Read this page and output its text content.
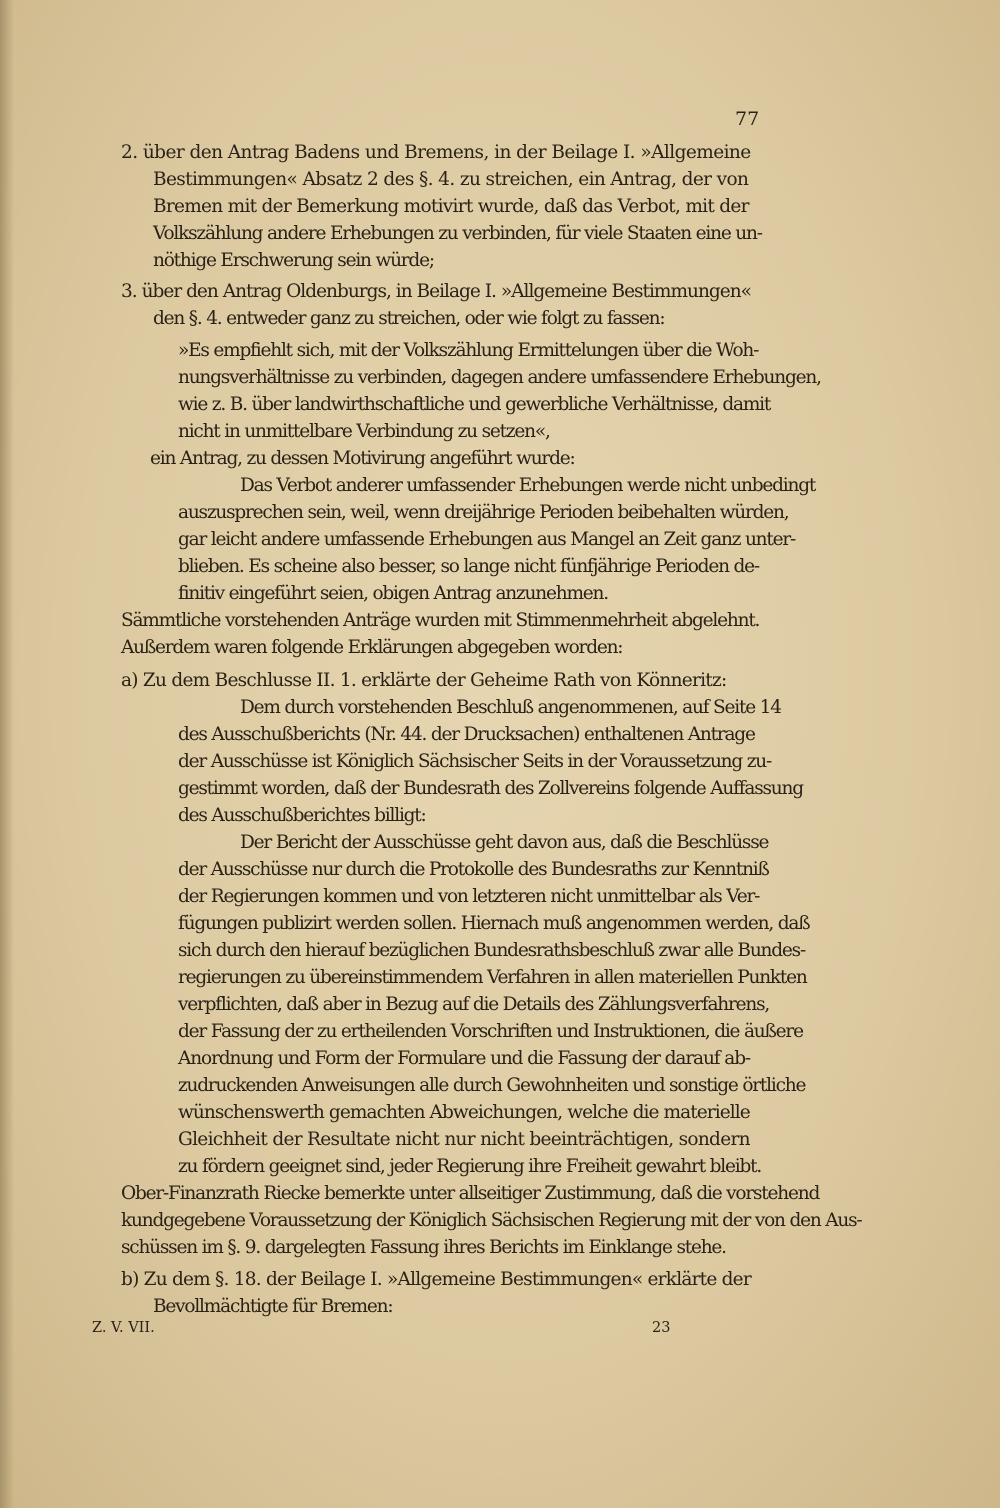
77
2. über den Antrag Badens und Bremens, in der Beilage I. »Allgemeine
Bestimmungen« Absatz 2 des §. 4. zu streichen, ein Antrag, der von
Bremen mit der Bemerkung motivirt wurde, daß das Verbot, mit der
Volkszählung andere Erhebungen zu verbinden, für viele Staaten eine un-
nöthige Erschwerung sein würde;
3. über den Antrag Oldenburgs, in Beilage I. »Allgemeine Bestimmungen«
den §. 4. entweder ganz zu streichen, oder wie folgt zu fassen:
»Es empfiehlt sich, mit der Volkszählung Ermittelungen über die Woh-
nungsverhältnisse zu verbinden, dagegen andere umfassendere Erhebungen,
wie z. B. über landwirthschaftliche und gewerbliche Verhältnisse, damit
nicht in unmittelbare Verbindung zu setzen«,
ein Antrag, zu dessen Motivirung angeführt wurde:
Das Verbot anderer umfassender Erhebungen werde nicht unbedingt
auszusprechen sein, weil, wenn dreijährige Perioden beibehalten würden,
gar leicht andere umfassende Erhebungen aus Mangel an Zeit ganz unter-
blieben. Es scheine also besser, so lange nicht fünfjährige Perioden de-
finitiv eingeführt seien, obigen Antrag anzunehmen.
Sämmtliche vorstehenden Anträge wurden mit Stimmenmehrheit abgelehnt.
Außerdem waren folgende Erklärungen abgegeben worden:
a) Zu dem Beschlusse II. 1. erklärte der Geheime Rath von Könneritz:
Dem durch vorstehenden Beschluß angenommenen, auf Seite 14
des Ausschußberichts (Nr. 44. der Drucksachen) enthaltenen Antrage
der Ausschüsse ist Königlich Sächsischer Seits in der Voraussetzung zu-
gestimmt worden, daß der Bundesrath des Zollvereins folgende Auffassung
des Ausschußberichtes billigt:
Der Bericht der Ausschüsse geht davon aus, daß die Beschlüsse
der Ausschüsse nur durch die Protokolle des Bundesraths zur Kenntniß
der Regierungen kommen und von letzteren nicht unmittelbar als Ver-
fügungen publizirt werden sollen. Hiernach muß angenommen werden, daß
sich durch den hierauf bezüglichen Bundesrathsbeschluß zwar alle Bundes-
regierungen zu übereinstimmendem Verfahren in allen materiellen Punkten
verpflichten, daß aber in Bezug auf die Details des Zählungsverfahrens,
der Fassung der zu ertheilenden Vorschriften und Instruktionen, die äußere
Anordnung und Form der Formulare und die Fassung der darauf ab-
zudruckenden Anweisungen alle durch Gewohnheiten und sonstige örtliche
wünschenswerth gemachten Abweichungen, welche die materielle
Gleichheit der Resultate nicht nur nicht beeinträchtigen, sondern
zu fördern geeignet sind, jeder Regierung ihre Freiheit gewahrt bleibt.
Ober-Finanzrath Riecke bemerkte unter allseitiger Zustimmung, daß die vorstehend
kundgegebene Voraussetzung der Königlich Sächsischen Regierung mit der von den Aus-
schüssen im §. 9. dargelegten Fassung ihres Berichts im Einklange stehe.
b) Zu dem §. 18. der Beilage I. »Allgemeine Bestimmungen« erklärte der
Bevollmächtigte für Bremen:
Z. V. VII.	23
